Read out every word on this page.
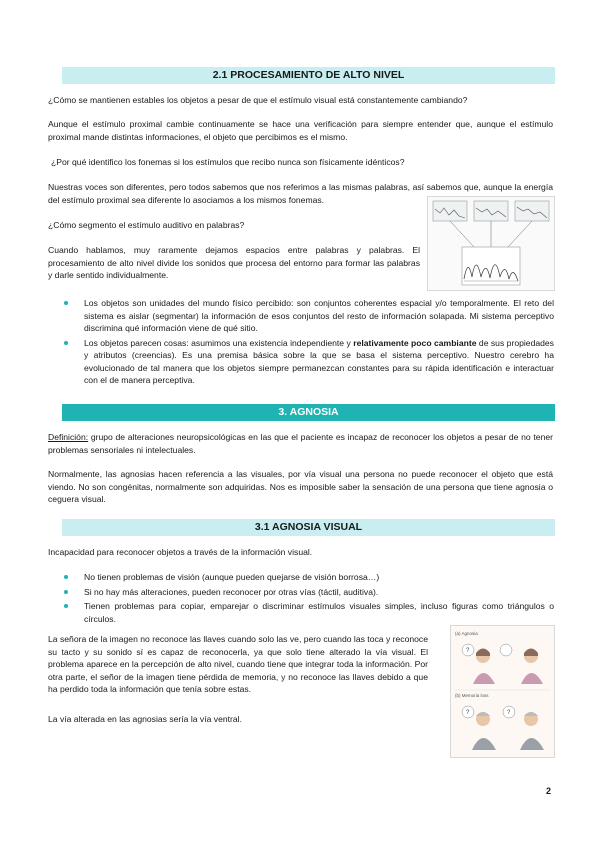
2.1 PROCESAMIENTO DE ALTO NIVEL

¿Cómo se mantienen estables los objetos a pesar de que el estímulo visual está constantemente cambiando?

Aunque el estímulo proximal cambie continuamente se hace una verificación para siempre entender que, aunque el estímulo proximal mande distintas informaciones, el objeto que percibimos es el mismo.

¿Por qué identifico los fonemas si los estímulos que recibo nunca son físicamente idénticos?

Nuestras voces son diferentes, pero todos sabemos que nos referimos a las mismas palabras, así sabemos que, aunque la energía del estímulo proximal sea diferente lo asociamos a los mismos fonemas.

¿Cómo segmento el estímulo auditivo en palabras?

Cuando hablamos, muy raramente dejamos espacios entre palabras y palabras. El procesamiento de alto nivel divide los sonidos que procesa del entorno para formar las palabras y darle sentido individualmente.

Los objetos son unidades del mundo físico percibido: son conjuntos coherentes espacial y/o temporalmente. El reto del sistema es aislar (segmentar) la información de esos conjuntos del resto de información solapada. Mi sistema perceptivo discrimina qué información viene de qué sitio.
Los objetos parecen cosas: asumimos una existencia independiente y relativamente poco cambiante de sus propiedades y atributos (creencias). Es una premisa básica sobre la que se basa el sistema perceptivo. Nuestro cerebro ha evolucionado de tal manera que los objetos siempre permanezcan constantes para su rápida identificación e interactuar con el de manera perceptiva.
3. AGNOSIA

Definición: grupo de alteraciones neuropsicológicas en las que el paciente es incapaz de reconocer los objetos a pesar de no tener problemas sensoriales ni intelectuales.

Normalmente, las agnosias hacen referencia a las visuales, por vía visual una persona no puede reconocer el objeto que está viendo. No son congénitas, normalmente son adquiridas. Nos es imposible saber la sensación de una persona que tiene agnosia o ceguera visual.

3.1 AGNOSIA VISUAL

Incapacidad para reconocer objetos a través de la información visual.

No tienen problemas de visión (aunque pueden quejarse de visión borrosa…)
Si no hay más alteraciones, pueden reconocer por otras vías (táctil, auditiva).
Tienen problemas para copiar, emparejar o discriminar estímulos visuales simples, incluso figuras como triángulos o círculos.

La señora de la imagen no reconoce las llaves cuando solo las ve, pero cuando las toca y reconoce su tacto y su sonido sí es capaz de reconocerla, ya que solo tiene alterado la vía visual. El problema aparece en la percepción de alto nivel, cuando tiene que integrar toda la información. Por otra parte, el señor de la imagen tiene pérdida de memoria, y no reconoce las llaves debido a que ha perdido toda la información que tenía sobre estas.

La vía alterada en las agnosias sería la vía ventral.

(a) Agnosia
?
(b) Memoria loss
?	?
2
